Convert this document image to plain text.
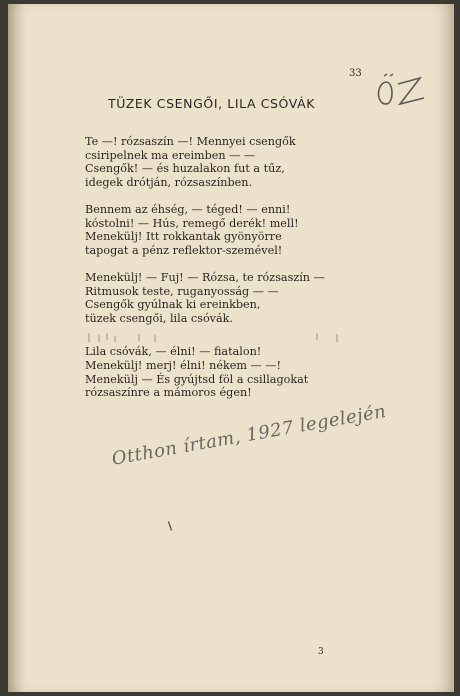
33
TÜZEK CSENGŐI, LILA CSÓVÁK
Te —! rózsaszín —! Mennyei csengők
csiripelnek ma ereimben — —
Csengők! — és huzalakon fut a tűz,
idegek drótján, rózsaszínben.
Bennem az éhség, — téged! — enni!
kóstolni! — Hús, remegő derék! mell!
Menekülj! Itt rokkantak gyönyörre
tapogat a pénz reflektor-szemével!
Menekülj! — Fuj! — Rózsa, te rózsaszín —
Ritmusok teste, ruganyosság — —
Csengők gyúlnak ki ereinkben,
tüzek csengői, lila csóvák.
Lila csóvák, — élni! — fiatalon!
Menekülj! merj! élni! nékem — —!
Menekülj — És gyújtsd föl a csillagokat
rózsaszínre a mámoros égen!
Otthon írtam, 1927 legelején
3
